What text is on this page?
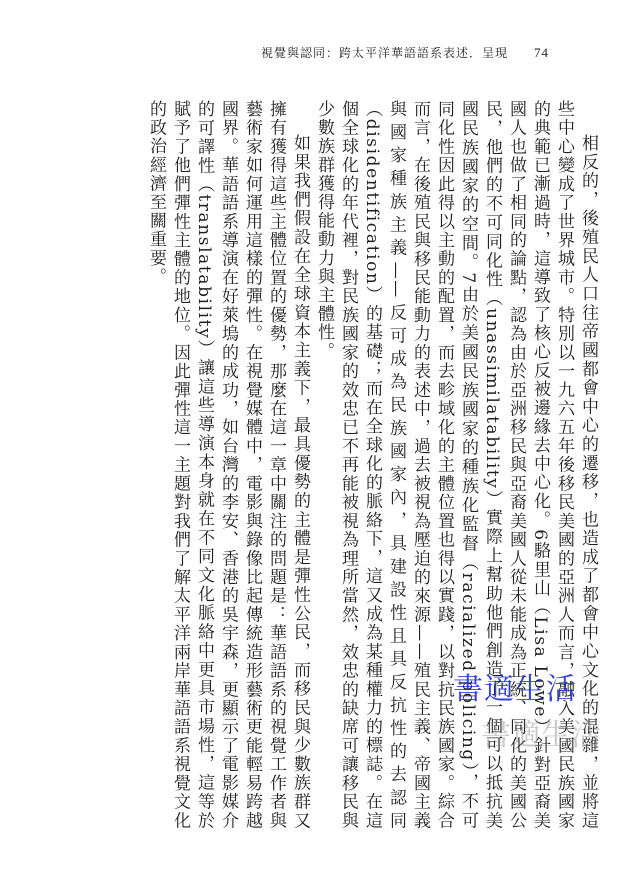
視覺與認同：跨太平洋華語語系表述．呈現 74

相反的，後殖民人口往帝國都會中心的遷移，也造成了都會中心文化的混雜，並將這些中心變成了世界城市。特別以一九六五年後移民美國的亞洲人而言，融入美國民族國家的典範已漸過時，這導致了核心反被邊緣去中心化。6駱里山（Lisa Lowe）針對亞裔美國人也做了相同的論點，認為由於亞洲移民與亞裔美國人從未能成為正統、同化的美國公民，他們的不可同化性（unassimilatability）實際上幫助他們創造了一個可以抵抗美國民族國家的空間。7由於美國民族國家的種族化監督（racialized policing），不可同化性因此得以主動的配置，而去畛域化的主體位置也得以實踐，以對抗民族國家。綜合而言，在後殖民與移民能動力的表述中，過去被視為壓迫的來源——殖民主義、帝國主義與國家種族主義——反可成為民族國家內，具建設性且具反抗性的去認同（disidentification）的基礎；而在全球化的脈絡下，這又成為某種權力的標誌。在這個全球化的年代裡，對民族國家的效忠已不再能被視為理所當然，效忠的缺席可讓移民與少數族群獲得能動力與主體性。

如果我們假設在全球資本主義下，最具優勢的主體是彈性公民，而移民與少數族群又擁有獲得這些主體位置的優勢，那麼在這一章中關注的問題是：華語語系的視覺工作者與藝術家如何運用這樣的彈性。在視覺媒體中，電影與錄像比起傳統造形藝術更能輕易跨越國界。華語語系導演在好萊塢的成功，如台灣的李安、香港的吳宇森，更顯示了電影媒介的可譯性（translatability）讓這些導演本身就在不同文化脈絡中更具市場性，這等於賦予了他們彈性主體的地位。因此彈性這一主題對我們了解太平洋兩岸華語語系視覺文化的政治經濟至關重要。

書適生活
書適生活
